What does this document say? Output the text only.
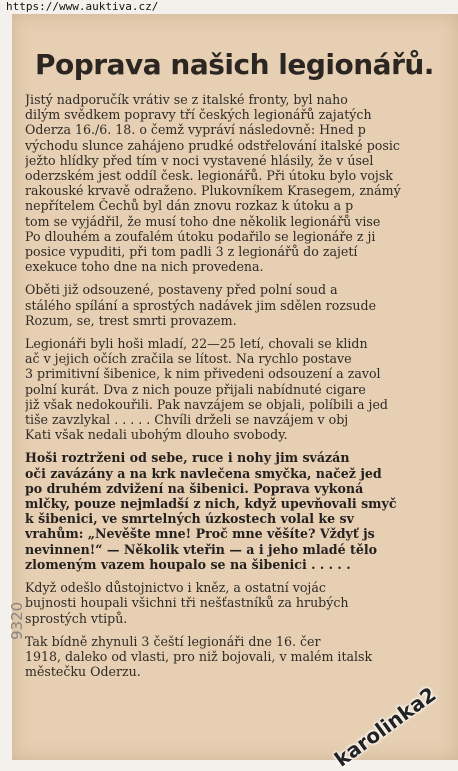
https://www.auktiva.cz/
Poprava našich legionářů.
Jistý nadporučík vrátiv se z italské fronty, byl naho
dilým svědkem popravy tří českých legionářů zajatých
Oderza 16./6. 18. o čemž vypráví následovně: Hned p
východu slunce zahájeno prudké odstřelování italské posic
ježto hlídky před tím v noci vystavené hlásily, že v úsel
oderzském jest oddíl česk. legionářů. Při útoku bylo vojsk
rakouské krvavě odraženo. Plukovníkem Krasegem, známý
nepřítelem Čechů byl dán znovu rozkaz k útoku a p
tom se vyjádřil, že musí toho dne několik legionářů vise
Po dlouhém a zoufalém útoku podařilo se legionáře z ji
posice vypuditi, při tom padli 3 z legionářů do zajetí
exekuce toho dne na nich provedena.
Oběti již odsouzené, postaveny před polní soud a
stálého spílání a sprostých nadávek jim sdělen rozsude
Rozum, se, trest smrti provazem.
Legionáři byli hoši mladí, 22—25 letí, chovali se klidn
ač v jejich očích zračila se lítost. Na rychlo postave
3 primitivní šibenice, k nim přivedeni odsouzení a zavol
polní kurát. Dva z nich pouze přijali nabídnuté cigare
již však nedokouřili. Pak navzájem se objali, políbili a jed
tiše zavzlykal . . . . . Chvíli drželi se navzájem v obj
Kati však nedali ubohým dlouho svobody.
Hoši roztrženi od sebe, ruce i nohy jim svázán
oči zavázány a na krk navlečena smyčka, načež jed
po druhém zdvižení na šibenici. Poprava vykoná
mlčky, pouze nejmladší z nich, když upevňovali smyč
k šibenici, ve smrtelných úzkostech volal ke sv
vrahům: „Nevěšte mne! Proč mne věšíte? Vždyť js
nevinnen!“ — Několik vteřin — a i jeho mladé tělo
zlomeným vazem houpalo se na šibenici . . . . .
Když odešlo důstojnictvo i kněz, a ostatní vojác
bujnosti houpali všichni tři nešťastníků za hrubých
sprostých vtipů.
Tak bídně zhynuli 3 čeští legionáři dne 16. čer
1918, daleko od vlasti, pro niž bojovali, v malém italsk
městečku Oderzu.
9320
karolinka2
